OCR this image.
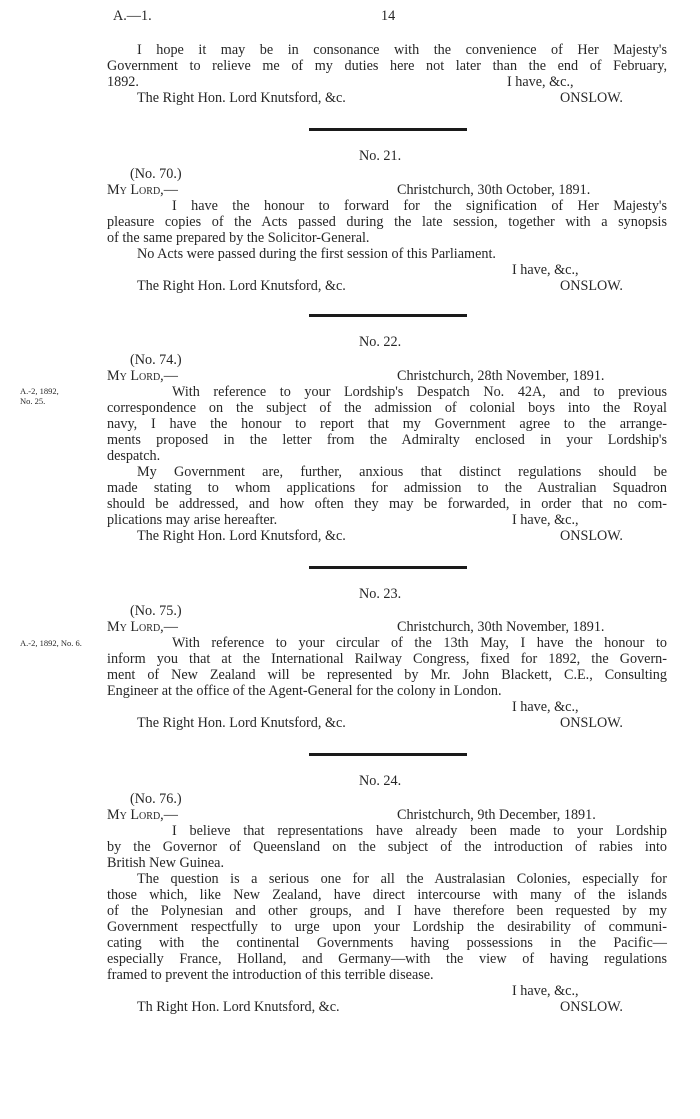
A.—1.	14
I hope it may be in consonance with the convenience of Her Majesty's
Government to relieve me of my duties here not later than the end of February,
1892.	I have, &c.,
The Right Hon. Lord Knutsford, &c.	ONSLOW.
No. 21.
(No. 70.)
My Lord,—	Christchurch, 30th October, 1891.
I have the honour to forward for the signification of Her Majesty's
pleasure copies of the Acts passed during the late session, together with a synopsis
of the same prepared by the Solicitor-General.
No Acts were passed during the first session of this Parliament.
I have, &c.,
The Right Hon. Lord Knutsford, &c.	ONSLOW.
No. 22.
(No. 74.)
My Lord,—	Christchurch, 28th November, 1891.
A.-2, 1892,
No. 25.
With reference to your Lordship's Despatch No. 42A, and to previous
correspondence on the subject of the admission of colonial boys into the Royal
navy, I have the honour to report that my Government agree to the arrange-
ments proposed in the letter from the Admiralty enclosed in your Lordship's
despatch.
My Government are, further, anxious that distinct regulations should be
made stating to whom applications for admission to the Australian Squadron
should be addressed, and how often they may be forwarded, in order that no com-
plications may arise hereafter.	I have, &c.,
The Right Hon. Lord Knutsford, &c.	ONSLOW.
No. 23.
(No. 75.)
My Lord,—	Christchurch, 30th November, 1891.
A.-2, 1892, No. 6.	With reference to your circular of the 13th May, I have the honour to
inform you that at the International Railway Congress, fixed for 1892, the Govern-
ment of New Zealand will be represented by Mr. John Blackett, C.E., Consulting
Engineer at the office of the Agent-General for the colony in London.
I have, &c.,
The Right Hon. Lord Knutsford, &c.	ONSLOW.
No. 24.
(No. 76.)
My Lord,—	Christchurch, 9th December, 1891.
I believe that representations have already been made to your Lordship
by the Governor of Queensland on the subject of the introduction of rabies into
British New Guinea.
The question is a serious one for all the Australasian Colonies, especially for
those which, like New Zealand, have direct intercourse with many of the islands
of the Polynesian and other groups, and I have therefore been requested by my
Government respectfully to urge upon your Lordship the desirability of communi-
cating with the continental Governments having possessions in the Pacific—
especially France, Holland, and Germany—with the view of having regulations
framed to prevent the introduction of this terrible disease.
I have, &c.,
Th Right Hon. Lord Knutsford, &c.	ONSLOW.
